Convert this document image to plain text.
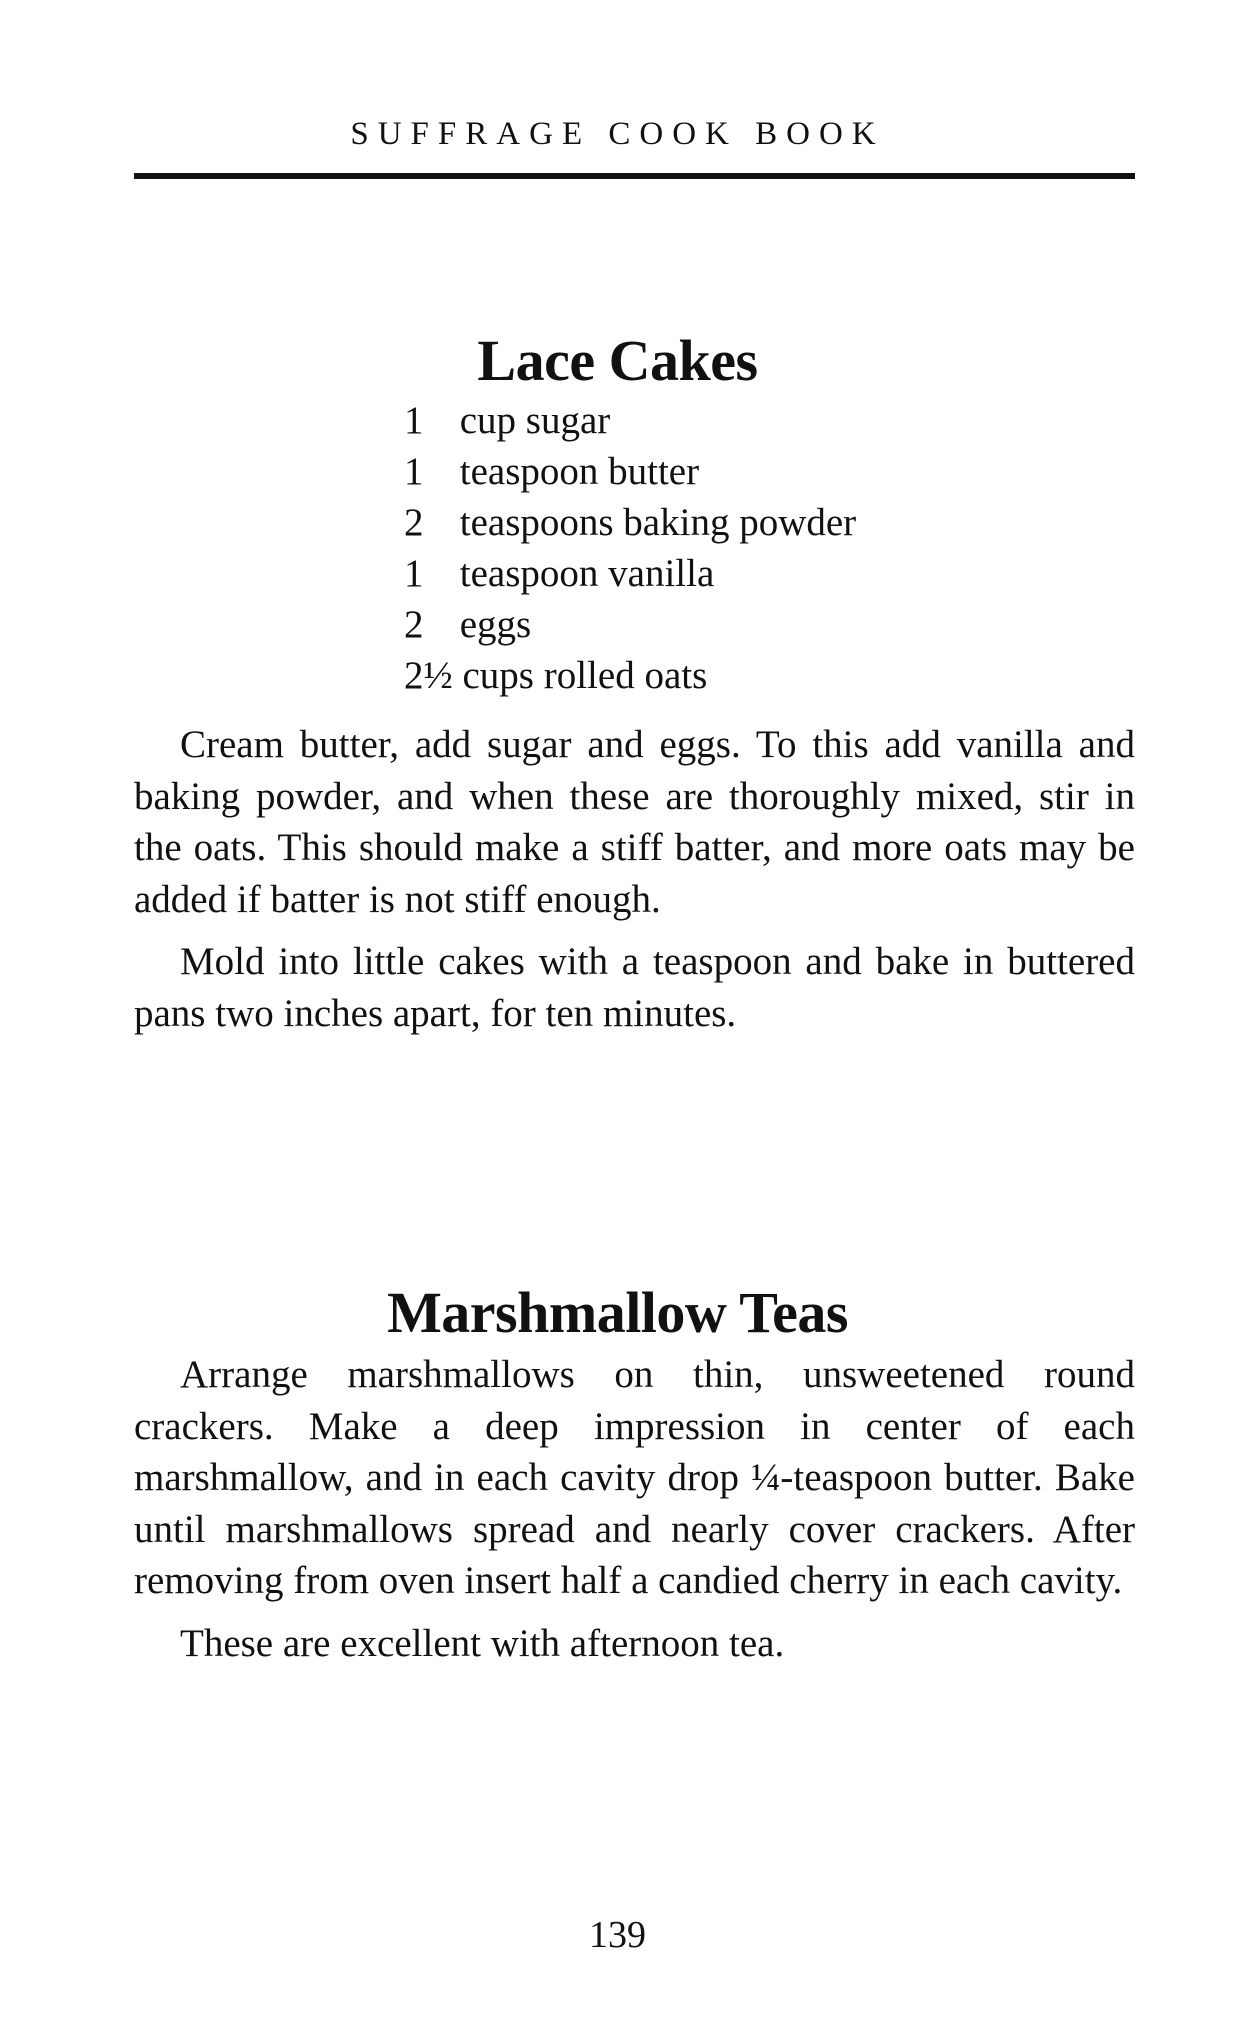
SUFFRAGE COOK BOOK
Lace Cakes
1 cup sugar
1 teaspoon butter
2 teaspoons baking powder
1 teaspoon vanilla
2 eggs
2½ cups rolled oats

Cream butter, add sugar and eggs. To this add vanilla and baking powder, and when these are thoroughly mixed, stir in the oats. This should make a stiff batter, and more oats may be added if batter is not stiff enough.

Mold into little cakes with a teaspoon and bake in buttered pans two inches apart, for ten minutes.

Marshmallow Teas

Arrange marshmallows on thin, unsweetened round crackers. Make a deep impression in center of each marshmallow, and in each cavity drop ¼-teaspoon butter. Bake until marshmallows spread and nearly cover crackers. After removing from oven insert half a candied cherry in each cavity.

These are excellent with afternoon tea.

139
